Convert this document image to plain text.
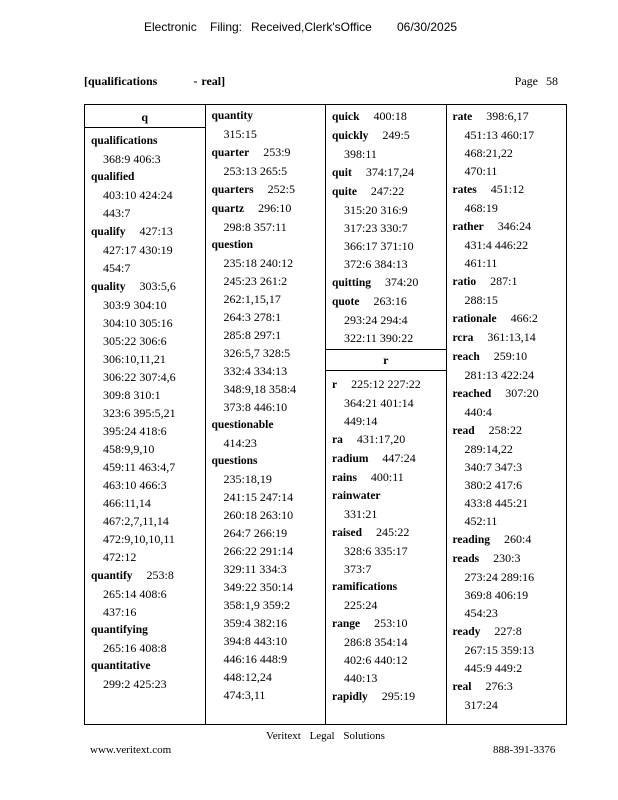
Electronic Filing: Received,Clerk'sOffice 06/30/2025
[qualifications	- real]	Page 58
q
qualifications
368:9 406:3
qualified
403:10 424:24
443:7
qualify 427:13
427:17 430:19
454:7
quality 303:5,6
303:9 304:10
304:10 305:16
305:22 306:6
306:10,11,21
306:22 307:4,6
309:8 310:1
323:6 395:5,21
395:24 418:6
458:9,9,10
459:11 463:4,7
463:10 466:3
466:11,14
467:2,7,11,14
472:9,10,10,11
472:12
quantify 253:8
265:14 408:6
437:16
quantifying
265:16 408:8
quantitative
299:2 425:23
quantity
315:15
quarter 253:9
253:13 265:5
quarters 252:5
quartz 296:10
298:8 357:11
question
235:18 240:12
245:23 261:2
262:1,15,17
264:3 278:1
285:8 297:1
326:5,7 328:5
332:4 334:13
348:9,18 358:4
373:8 446:10
questionable
414:23
questions
235:18,19
241:15 247:14
260:18 263:10
264:7 266:19
266:22 291:14
329:11 334:3
349:22 350:14
358:1,9 359:2
359:4 382:16
394:8 443:10
446:16 448:9
448:12,24
474:3,11
quick 400:18
quickly 249:5
398:11
quit 374:17,24
quite 247:22
315:20 316:9
317:23 330:7
366:17 371:10
372:6 384:13
quitting 374:20
quote 263:16
293:24 294:4
322:11 390:22
r
r 225:12 227:22
364:21 401:14
449:14
ra 431:17,20
radium 447:24
rains 400:11
rainwater
331:21
raised 245:22
328:6 335:17
373:7
ramifications
225:24
range 253:10
286:8 354:14
402:6 440:12
440:13
rapidly 295:19
rate 398:6,17
451:13 460:17
468:21,22
470:11
rates 451:12
468:19
rather 346:24
431:4 446:22
461:11
ratio 287:1
288:15
rationale 466:2
rcra 361:13,14
reach 259:10
281:13 422:24
reached 307:20
440:4
read 258:22
289:14,22
340:7 347:3
380:2 417:6
433:8 445:21
452:11
reading 260:4
reads 230:3
273:24 289:16
369:8 406:19
454:23
ready 227:8
267:15 359:13
445:9 449:2
real 276:3
317:24
www.veritext.com
Veritext Legal Solutions
888-391-3376
